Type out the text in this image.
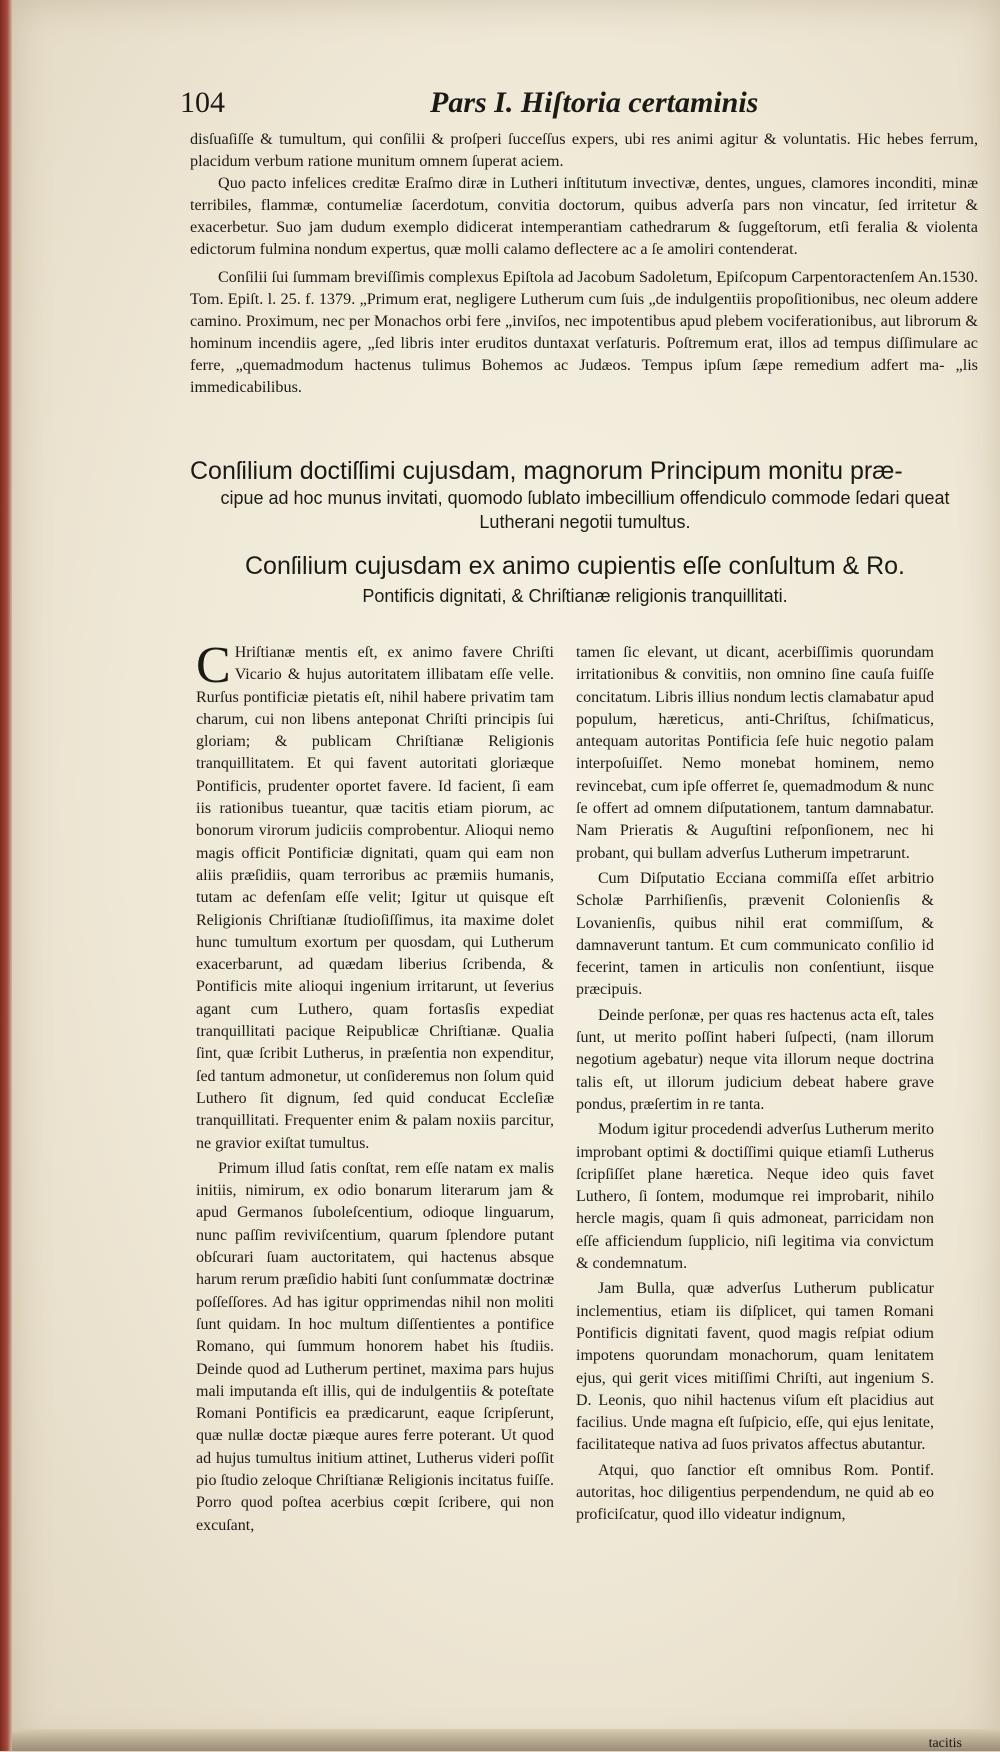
104	Pars I. Hiſtoria certaminis

disſuaſiſſe & tumultum, qui conſilii & proſperi ſucceſſus expers, ubi res animi agitur & voluntatis. Hic hebes ferrum, placidum verbum ratione munitum omnem ſuperat aciem.

Quo pacto infelices creditæ Eraſmo diræ in Lutheri inſtitutum invectivæ, dentes, ungues, clamores inconditi, minæ terribiles, flammæ, contumeliæ ſacerdotum, convitia doctorum, quibus adverſa pars non vincatur, ſed irritetur & exacerbetur. Suo jam dudum exemplo didicerat intemperantiam cathedrarum & ſuggeſtorum, etſi feralia & violenta edictorum fulmina nondum expertus, quæ molli calamo deflectere ac a ſe amoliri contenderat.

Conſilii ſui ſummam breviſſimis complexus Epiſtola ad Jacobum Sadoletum, Epiſcopum Carpentoractenſem An.1530. Tom. Epiſt. l. 25. f. 1379. „Primum erat, negligere Lutherum cum ſuis „de indulgentiis propoſitionibus, nec oleum addere camino. Proximum, nec per Monachos orbi fere „inviſos, nec impotentibus apud plebem vociferationibus, aut librorum & hominum incendiis agere, „ſed libris inter eruditos duntaxat verſaturis. Poſtremum erat, illos ad tempus diſſimulare ac ferre, „quemadmodum hactenus tulimus Bohemos ac Judæos. Tempus ipſum ſæpe remedium adfert ma- „lis immedicabilibus.

Conſilium doctiſſimi cujusdam, magnorum Principum monitu præ-
cipue ad hoc munus invitati, quomodo ſublato imbecillium offendiculo commode ſedari queat Lutherani negotii tumultus.
Conſilium cujusdam ex animo cupientis eſſe conſultum & Ro.
Pontificis dignitati, & Chriſtianæ religionis tranquillitati.

C Hriſtianæ mentis eſt, ex animo favere Chriſti Vicario & hujus autoritatem illibatam eſſe velle. Rurſus pontificiæ pietatis eſt, nihil habere privatim tam charum, cui non libens anteponat Chriſti principis ſui gloriam; & publicam Chriſtianæ Religionis tranquillitatem. Et qui favent autoritati gloriæque Pontificis, prudenter oportet favere. Id facient, ſi eam iis rationibus tueantur, quæ tacitis etiam piorum, ac bonorum virorum judiciis comprobentur. Alioqui nemo magis officit Pontificiæ dignitati, quam qui eam non aliis præſidiis, quam terroribus ac præmiis humanis, tutam ac defenſam eſſe velit; Igitur ut quisque eſt Religionis Chriſtianæ ſtudioſiſſimus, ita maxime dolet hunc tumultum exortum per quosdam, qui Lutherum exacerbarunt, ad quædam liberius ſcribenda, & Pontificis mite alioqui ingenium irritarunt, ut ſeverius agant cum Luthero, quam fortasſis expediat tranquillitati pacique Reipublicæ Chriſtianæ. Qualia ſint, quæ ſcribit Lutherus, in præſentia non expenditur, ſed tantum admonetur, ut conſideremus non ſolum quid Luthero ſit dignum, ſed quid conducat Eccleſiæ tranquillitati. Frequenter enim & palam noxiis parcitur, ne gravior exiſtat tumultus.

Primum illud ſatis conſtat, rem eſſe natam ex malis initiis, nimirum, ex odio bonarum literarum jam & apud Germanos ſuboleſcentium, odioque linguarum, nunc paſſim reviviſcentium, quarum ſplendore putant obſcurari ſuam auctoritatem, qui hactenus absque harum rerum præſidio habiti ſunt conſummatæ doctrinæ poſſeſſores. Ad has igitur opprimendas nihil non moliti ſunt quidam. In hoc multum diſſentientes a pontifice Romano, qui ſummum honorem habet his ſtudiis. Deinde quod ad Lutherum pertinet, maxima pars hujus mali imputanda eſt illis, qui de indulgentiis & poteſtate Romani Pontificis ea prædicarunt, eaque ſcripſerunt, quæ nullæ doctæ piæque aures ferre poterant. Ut quod ad hujus tumultus initium attinet, Lutherus videri poſſit pio ſtudio zeloque Chriſtianæ Religionis incitatus fuiſſe. Porro quod poſtea acerbius cœpit ſcribere, qui non excuſant,

tamen ſic elevant, ut dicant, acerbiſſimis quorundam irritationibus & convitiis, non omnino ſine cauſa fuiſſe concitatum. Libris illius nondum lectis clamabatur apud populum, hæreticus, anti-Chriſtus, ſchiſmaticus, antequam autoritas Pontificia ſeſe huic negotio palam interpoſuiſſet. Nemo monebat hominem, nemo revincebat, cum ipſe offerret ſe, quemadmodum & nunc ſe offert ad omnem diſputationem, tantum damnabatur. Nam Prieratis & Auguſtini reſponſionem, nec hi probant, qui bullam adverſus Lutherum impetrarunt.

Cum Diſputatio Ecciana commiſſa eſſet arbitrio Scholæ Parrhiſienſis, prævenit Colonienſis & Lovanienſis, quibus nihil erat commiſſum, & damnaverunt tantum. Et cum communicato conſilio id fecerint, tamen in articulis non conſentiunt, iisque præcipuis.

Deinde perſonæ, per quas res hactenus acta eſt, tales ſunt, ut merito poſſint haberi ſuſpecti, (nam illorum negotium agebatur) neque vita illorum neque doctrina talis eſt, ut illorum judicium debeat habere grave pondus, præſertim in re tanta.

Modum igitur procedendi adverſus Lutherum merito improbant optimi & doctiſſimi quique etiamſi Lutherus ſcripſiſſet plane hæretica. Neque ideo quis favet Luthero, ſi ſontem, modumque rei improbarit, nihilo hercle magis, quam ſi quis admoneat, parricidam non eſſe afficiendum ſupplicio, niſi legitima via convictum & condemnatum.

Jam Bulla, quæ adverſus Lutherum publicatur inclementius, etiam iis diſplicet, qui tamen Romani Pontificis dignitati favent, quod magis reſpiat odium impotens quorundam monachorum, quam lenitatem ejus, qui gerit vices mitiſſimi Chriſti, aut ingenium S. D. Leonis, quo nihil hactenus viſum eſt placidius aut facilius. Unde magna eſt ſuſpicio, eſſe, qui ejus lenitate, facilitateque nativa ad ſuos privatos affectus abutantur.

Atqui, quo ſanctior eſt omnibus Rom. Pontif. autoritas, hoc diligentius perpendendum, ne quid ab eo proficiſcatur, quod illo videatur indignum,

tacitis
